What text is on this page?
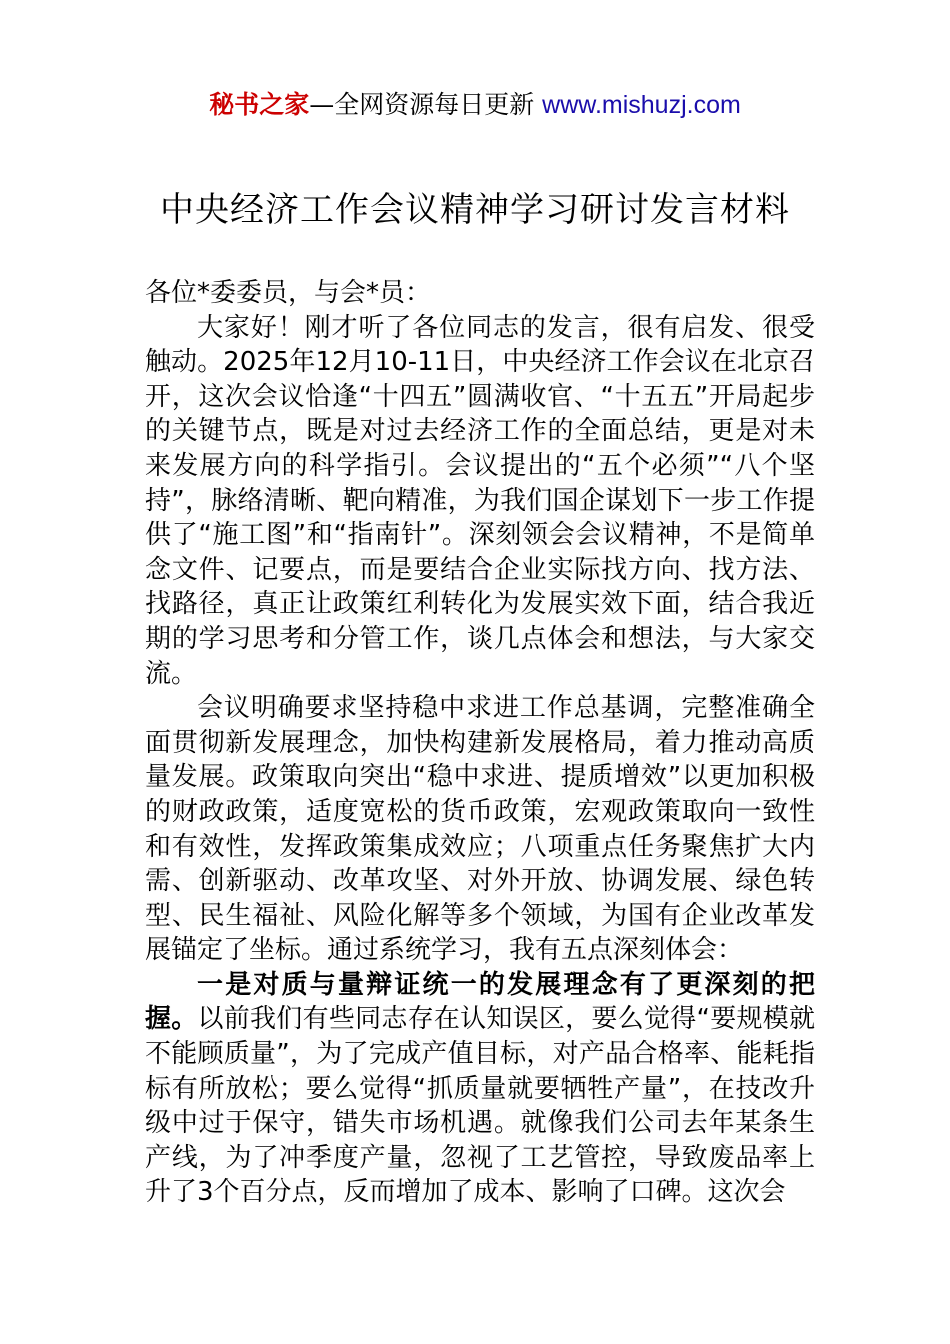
秘书之家—全网资源每日更新 www.mishuzj.com
中央经济工作会议精神学习研讨发言材料

各位*委委员，与会*员：

大家好！刚才听了各位同志的发言，很有启发、很受触动。2025年12月10-11日，中央经济工作会议在北京召开，这次会议恰逢“十四五”圆满收官、“十五五”开局起步的关键节点，既是对过去经济工作的全面总结，更是对未来发展方向的科学指引。会议提出的“五个必须”“八个坚持”，脉络清晰、靶向精准，为我们国企谋划下一步工作提供了“施工图”和“指南针”。深刻领会会议精神，不是简单念文件、记要点，而是要结合企业实际找方向、找方法、找路径，真正让政策红利转化为发展实效下面，结合我近期的学习思考和分管工作，谈几点体会和想法，与大家交流。

会议明确要求坚持稳中求进工作总基调，完整准确全面贯彻新发展理念，加快构建新发展格局，着力推动高质量发展。政策取向突出“稳中求进、提质增效”以更加积极的财政政策，适度宽松的货币政策，宏观政策取向一致性和有效性，发挥政策集成效应；八项重点任务聚焦扩大内需、创新驱动、改革攻坚、对外开放、协调发展、绿色转型、民生福祉、风险化解等多个领域，为国有企业改革发展锚定了坐标。通过系统学习，我有五点深刻体会：

一是对质与量辩证统一的发展理念有了更深刻的把握。以前我们有些同志存在认知误区，要么觉得“要规模就不能顾质量”，为了完成产值目标，对产品合格率、能耗指标有所放松；要么觉得“抓质量就要牺牲产量”，在技改升级中过于保守，错失市场机遇。就像我们公司去年某条生产线，为了冲季度产量，忽视了工艺管控，导致废品率上升了3个百分点，反而增加了成本、影响了口碑。这次会
